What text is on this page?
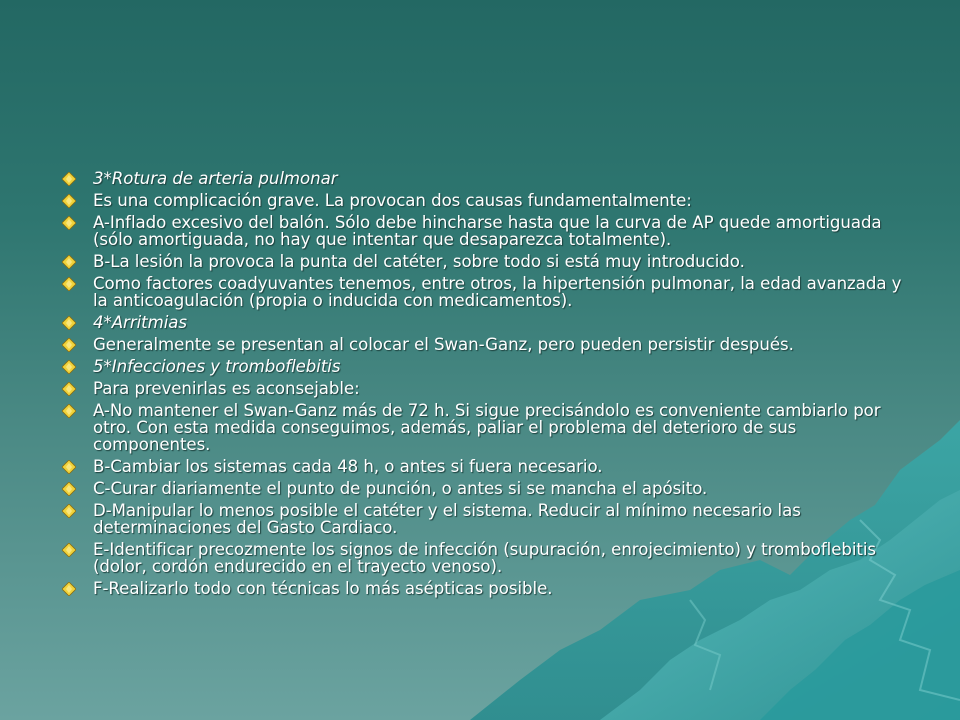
3*Rotura de arteria pulmonar
Es una complicación grave. La provocan dos causas fundamentalmente:
A-Inflado excesivo del balón. Sólo debe hincharse hasta que la curva de AP quede amortiguada (sólo amortiguada, no hay que intentar que desaparezca totalmente).
B-La lesión la provoca la punta del catéter, sobre todo si está muy introducido.
Como factores coadyuvantes tenemos, entre otros, la hipertensión pulmonar, la edad avanzada y la anticoagulación (propia o inducida con medicamentos).
4*Arritmias
Generalmente se presentan al colocar el Swan-Ganz, pero pueden persistir después.
5*Infecciones y tromboflebitis
Para prevenirlas es aconsejable:
A-No mantener el Swan-Ganz más de 72 h. Si sigue precisándolo es conveniente cambiarlo por otro. Con esta medida conseguimos, además, paliar el problema del deterioro de sus componentes.
B-Cambiar los sistemas cada 48 h, o antes si fuera necesario.
C-Curar diariamente el punto de punción, o antes si se mancha el apósito.
D-Manipular lo menos posible el catéter y el sistema. Reducir al mínimo necesario las determinaciones del Gasto Cardiaco.
E-Identificar precozmente los signos de infección (supuración, enrojecimiento) y tromboflebitis (dolor, cordón endurecido en el trayecto venoso).
F-Realizarlo todo con técnicas lo más asépticas posible.
